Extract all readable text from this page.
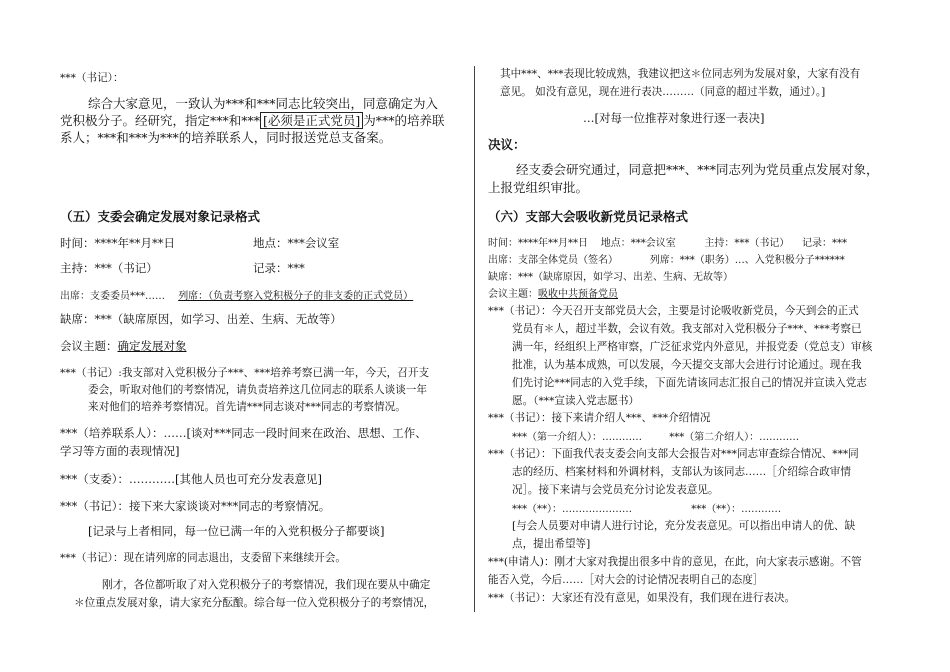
***（书记）：
综合大家意见，一致认为***和***同志比较突出，同意确定为入
党积极分子。经研究，指定***和*** [必须是正式党员] 为***的培养联
系人；***和***为***的培养联系人，同时报送党总支备案。
（五）支委会确定发展对象记录格式
时间：****年**月**日	地点：***会议室
主持：***（书记）	记录：***
出席：支委委员***…… 列席：（负责考察入党积极分子的非支委的正式党员）
缺席：***（缺席原因，如学习、出差、生病、无故等）
会议主题：确定发展对象
***（书记）:我支部对入党积极分子***、***培养考察已满一年，今天，召开支
委会，听取对他们的考察情况，请负责培养这几位同志的联系人谈谈一年
来对他们的培养考察情况。首先请***同志谈对***同志的考察情况。
***（培养联系人）：……[谈对***同志一段时间来在政治、思想、工作、
学习等方面的表现情况]
***（支委）：…………[其他人员也可充分发表意见]
***（书记）：接下来大家谈谈对***同志的考察情况。
[记录与上者相同，每一位已满一年的入党积极分子都要谈]
***（书记）：现在请列席的同志退出，支委留下来继续开会。
刚才，各位都听取了对入党积极分子的考察情况，我们现在要从中确定
＊位重点发展对象，请大家充分酝酿。综合每一位入党积极分子的考察情况，
其中***、***表现比较成熟，我建议把这＊位同志列为发展对象，大家有没有
意见。 如没有意见，现在进行表决………（同意的超过半数，通过）。]
…[对每一位推荐对象进行逐一表决]
决议：
经支委会研究通过，同意把***、***同志列为党员重点发展对象，
上报党组织审批。
（六）支部大会吸收新党员记录格式
时间：****年**月**日    地点：***会议室         主持：***（书记）    记录：***
出席：支部全体党员（签名）          列席：***（职务）…、入党积极分子******
缺席：***（缺席原因，如学习、出差、生病、无故等）
会议主题：吸收中共预备党员
***（书记）：今天召开支部党员大会，主要是讨论吸收新党员，今天到会的正式
党员有＊人，超过半数，会议有效。我支部对入党积极分子***、***考察已
满一年，经组织上严格审察，广泛征求党内外意见，并报党委（党总支）审核
批准，认为基本成熟，可以发展，今天提交支部大会进行讨论通过。现在我
们先讨论***同志的入党手续，下面先请该同志汇报自己的情况并宣读入党志
愿。（***宣读入党志愿书）
***（书记）：接下来请介绍人***、***介绍情况
***（第一介绍人）：…………	***（第二介绍人）：…………
***（书记）：下面我代表支委会向支部大会报告对***同志审查综合情况、***同
志的经历、档案材料和外调材料，支部认为该同志……［介绍综合政审情
况］。接下来请与会党员充分讨论发表意见。
***（**）：…………………	***（**）：…………
[与会人员要对申请人进行讨论，充分发表意见。可以指出申请人的优、缺
点，提出希望等]
***(申请人)：刚才大家对我提出很多中肯的意见，在此，向大家表示感谢。不管
能否入党，今后……［对大会的讨论情况表明自己的态度］
***（书记）：大家还有没有意见，如果没有，我们现在进行表决。
